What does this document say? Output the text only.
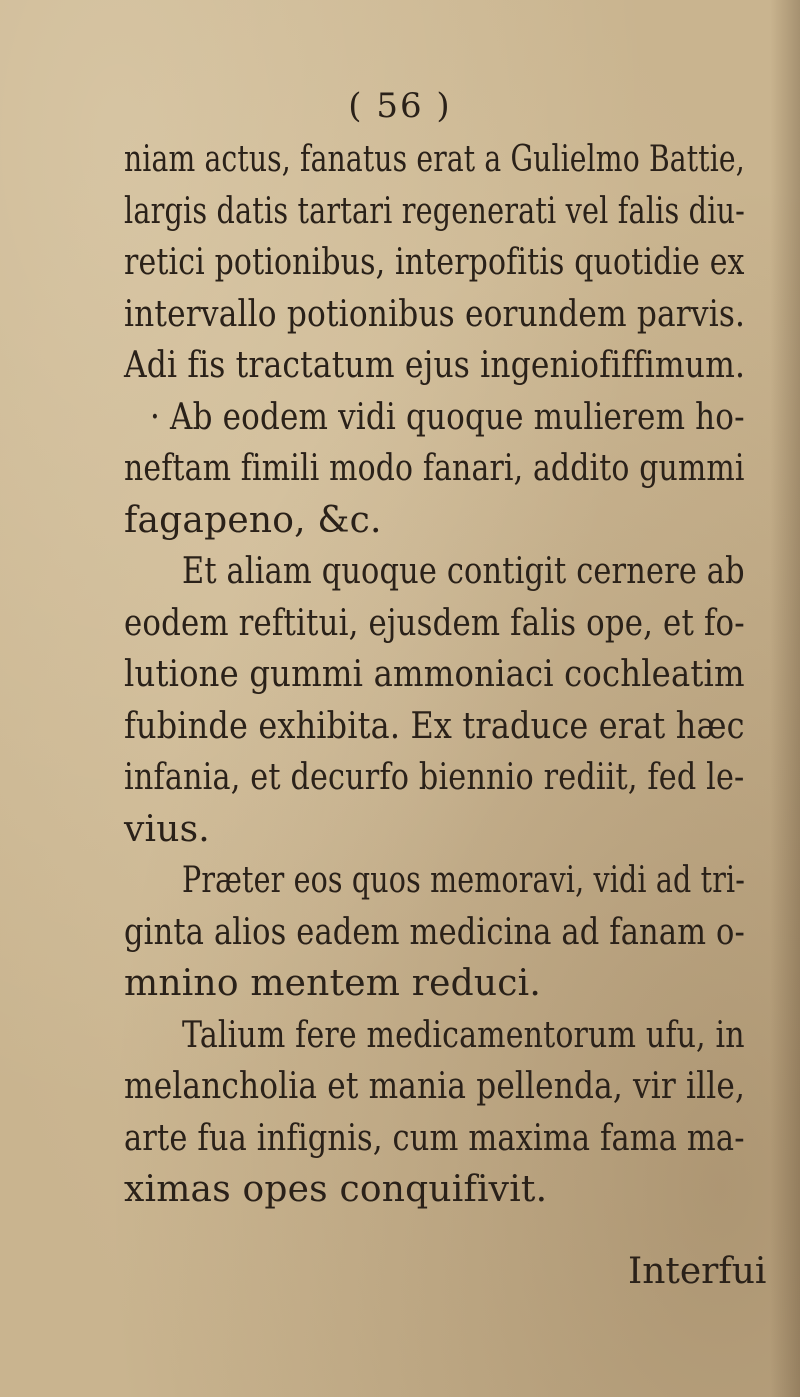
( 56 )
niam actus, fanatus erat a Gulielmo Battie,
largis datis tartari regenerati vel falis diu-
retici potionibus, interpofitis quotidie ex
intervallo potionibus eorundem parvis.
Adi fis tractatum ejus ingeniofiffimum.
· Ab eodem vidi quoque mulierem ho-
neftam fimili modo fanari, addito gummi
fagapeno, &c.
Et aliam quoque contigit cernere ab
eodem reftitui, ejusdem falis ope, et fo-
lutione gummi ammoniaci cochleatim
fubinde exhibita. Ex traduce erat hæc
infania, et decurfo biennio rediit, fed le-
vius.
Præter eos quos memoravi, vidi ad tri-
ginta alios eadem medicina ad fanam o-
mnino mentem reduci.
Talium fere medicamentorum ufu, in
melancholia et mania pellenda, vir ille,
arte fua infignis, cum maxima fama ma-
ximas opes conquifivit.
Interfui
